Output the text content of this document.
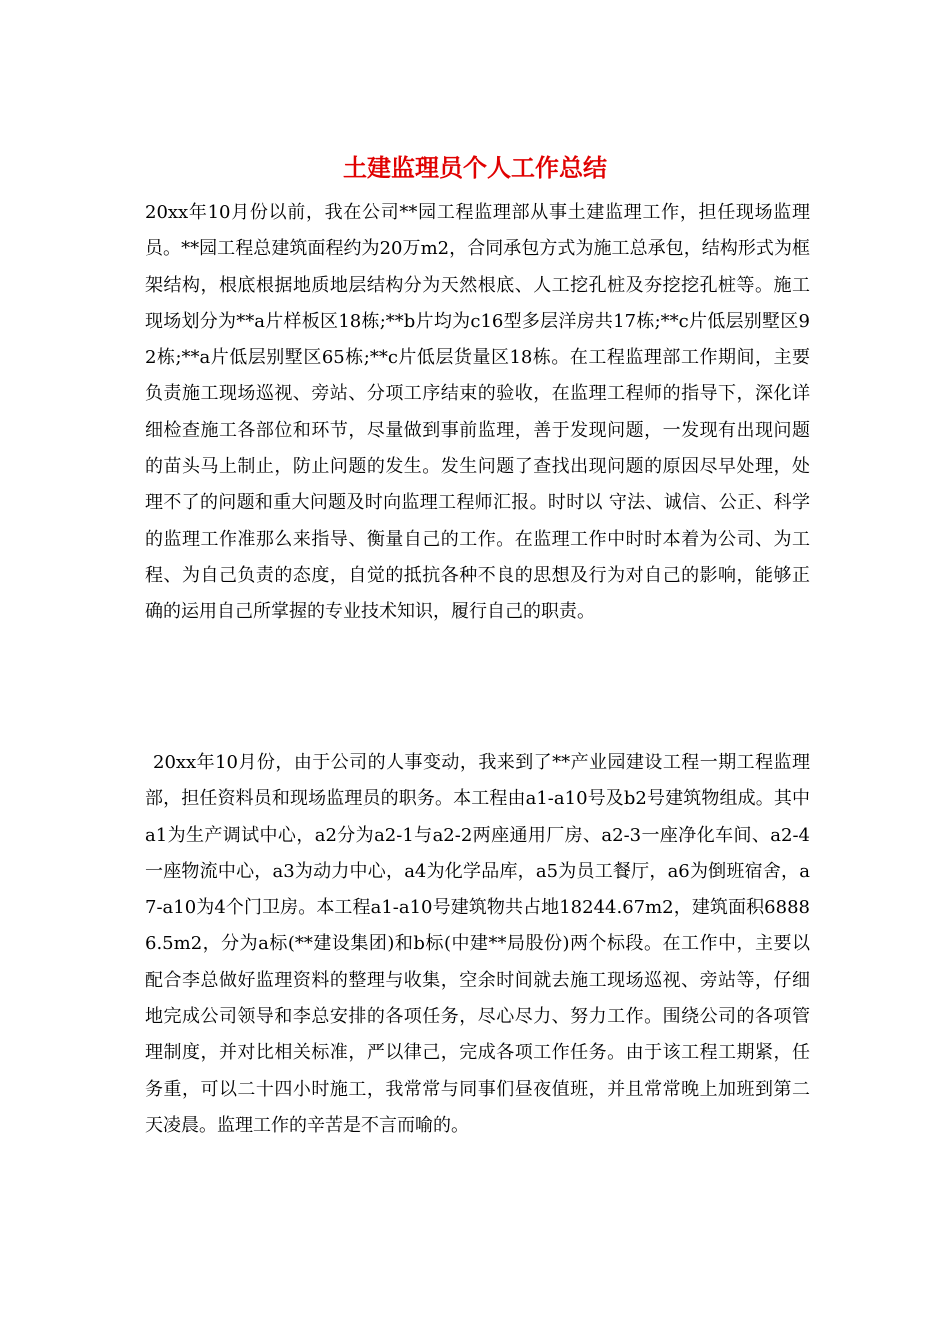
土建监理员个人工作总结

20xx年10月份以前，我在公司**园工程监理部从事土建监理工作，担任现场监理员。**园工程总建筑面程约为20万m2，合同承包方式为施工总承包，结构形式为框架结构，根底根据地质地层结构分为天然根底、人工挖孔桩及夯挖挖孔桩等。施工现场划分为**a片样板区18栋;**b片均为c16型多层洋房共17栋;**c片低层别墅区92栋;**a片低层别墅区65栋;**c片低层货量区18栋。在工程监理部工作期间，主要负责施工现场巡视、旁站、分项工序结束的验收，在监理工程师的指导下，深化详细检查施工各部位和环节，尽量做到事前监理，善于发现问题，一发现有出现问题的苗头马上制止，防止问题的发生。发生问题了查找出现问题的原因尽早处理，处理不了的问题和重大问题及时向监理工程师汇报。时时以 守法、诚信、公正、科学 的监理工作准那么来指导、衡量自己的工作。在监理工作中时时本着为公司、为工程、为自己负责的态度，自觉的抵抗各种不良的思想及行为对自己的影响，能够正确的运用自己所掌握的专业技术知识，履行自己的职责。

20xx年10月份，由于公司的人事变动，我来到了**产业园建设工程一期工程监理部，担任资料员和现场监理员的职务。本工程由a1-a10号及b2号建筑物组成。其中a1为生产调试中心，a2分为a2-1与a2-2两座通用厂房、a2-3一座净化车间、a2-4一座物流中心，a3为动力中心，a4为化学品库，a5为员工餐厅，a6为倒班宿舍，a7-a10为4个门卫房。本工程a1-a10号建筑物共占地18244.67m2，建筑面积68886.5m2，分为a标(**建设集团)和b标(中建**局股份)两个标段。在工作中，主要以配合李总做好监理资料的整理与收集，空余时间就去施工现场巡视、旁站等，仔细地完成公司领导和李总安排的各项任务，尽心尽力、努力工作。围绕公司的各项管理制度，并对比相关标准，严以律己，完成各项工作任务。由于该工程工期紧，任务重，可以二十四小时施工，我常常与同事们昼夜值班，并且常常晚上加班到第二天凌晨。监理工作的辛苦是不言而喻的。
